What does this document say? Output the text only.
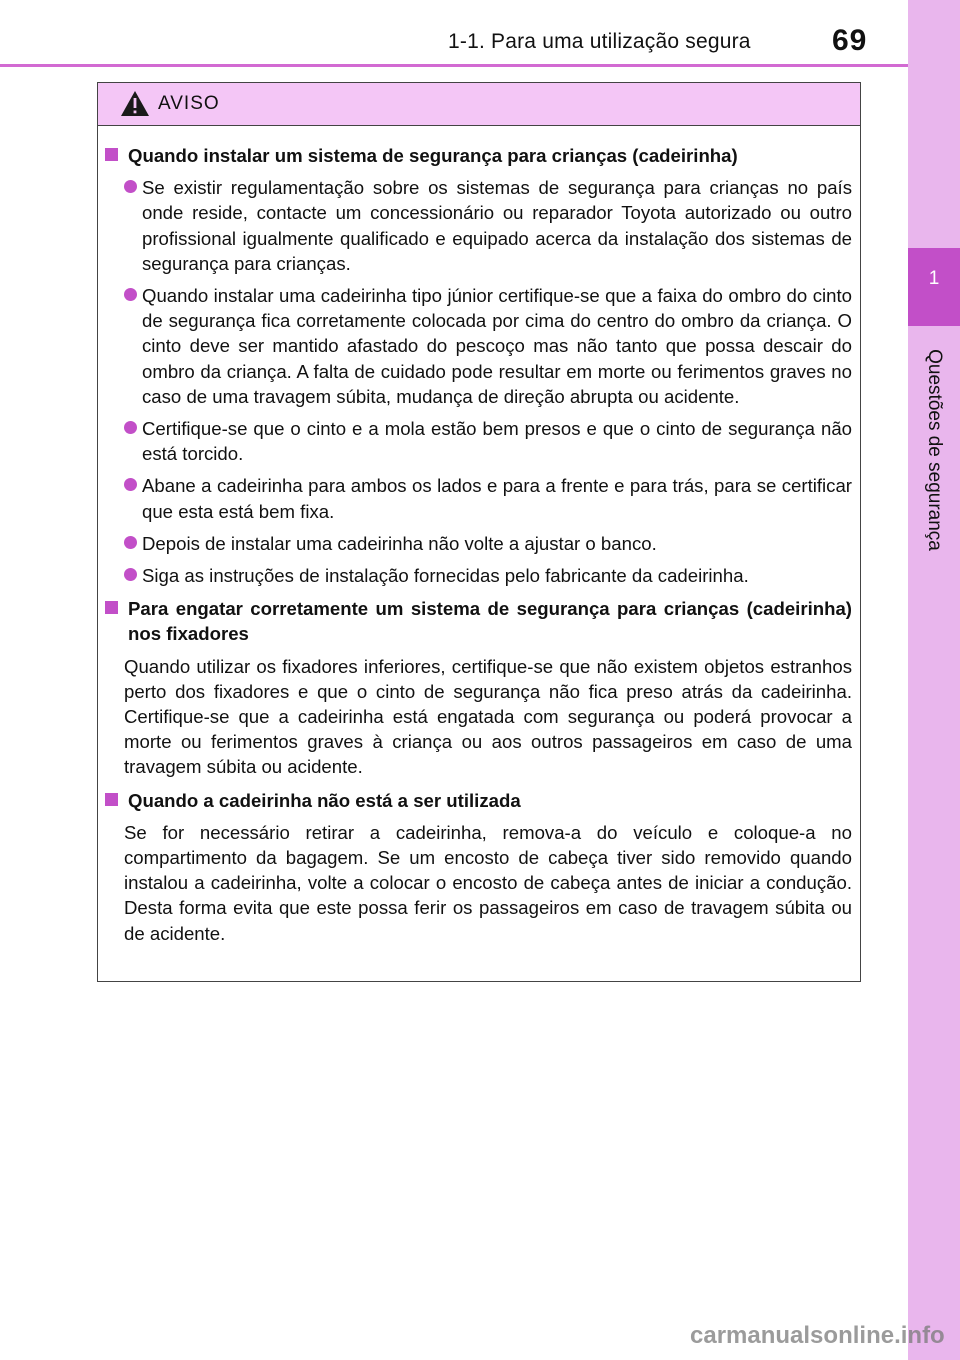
1-1. Para uma utilização segura	69
1
Questões de segurança
AVISO
Quando instalar um sistema de segurança para crianças (cadeirinha)
Se existir regulamentação sobre os sistemas de segurança para crianças no país onde reside, contacte um concessionário ou reparador Toyota autorizado ou outro profissional igualmente qualificado e equipado acerca da instalação dos sistemas de segurança para crianças.
Quando instalar uma cadeirinha tipo júnior certifique-se que a faixa do ombro do cinto de segurança fica corretamente colocada por cima do centro do ombro da criança. O cinto deve ser mantido afastado do pescoço mas não tanto que possa descair do ombro da criança. A falta de cuidado pode resultar em morte ou ferimentos graves no caso de uma travagem súbita, mudança de direção abrupta ou acidente.
Certifique-se que o cinto e a mola estão bem presos e que o cinto de segurança não está torcido.
Abane a cadeirinha para ambos os lados e para a frente e para trás, para se certificar que esta está bem fixa.
Depois de instalar uma cadeirinha não volte a ajustar o banco.
Siga as instruções de instalação fornecidas pelo fabricante da cadeirinha.
Para engatar corretamente um sistema de segurança para crianças (cadeirinha) nos fixadores
Quando utilizar os fixadores inferiores, certifique-se que não existem objetos estranhos perto dos fixadores e que o cinto de segurança não fica preso atrás da cadeirinha. Certifique-se que a cadeirinha está engatada com segurança ou poderá provocar a morte ou ferimentos graves à criança ou aos outros passageiros em caso de uma travagem súbita ou acidente.
Quando a cadeirinha não está a ser utilizada
Se for necessário retirar a cadeirinha, remova-a do veículo e coloque-a no compartimento da bagagem. Se um encosto de cabeça tiver sido removido quando instalou a cadeirinha, volte a colocar o encosto de cabeça antes de iniciar a condução. Desta forma evita que este possa ferir os passageiros em caso de travagem súbita ou de acidente.
carmanualsonline.info
